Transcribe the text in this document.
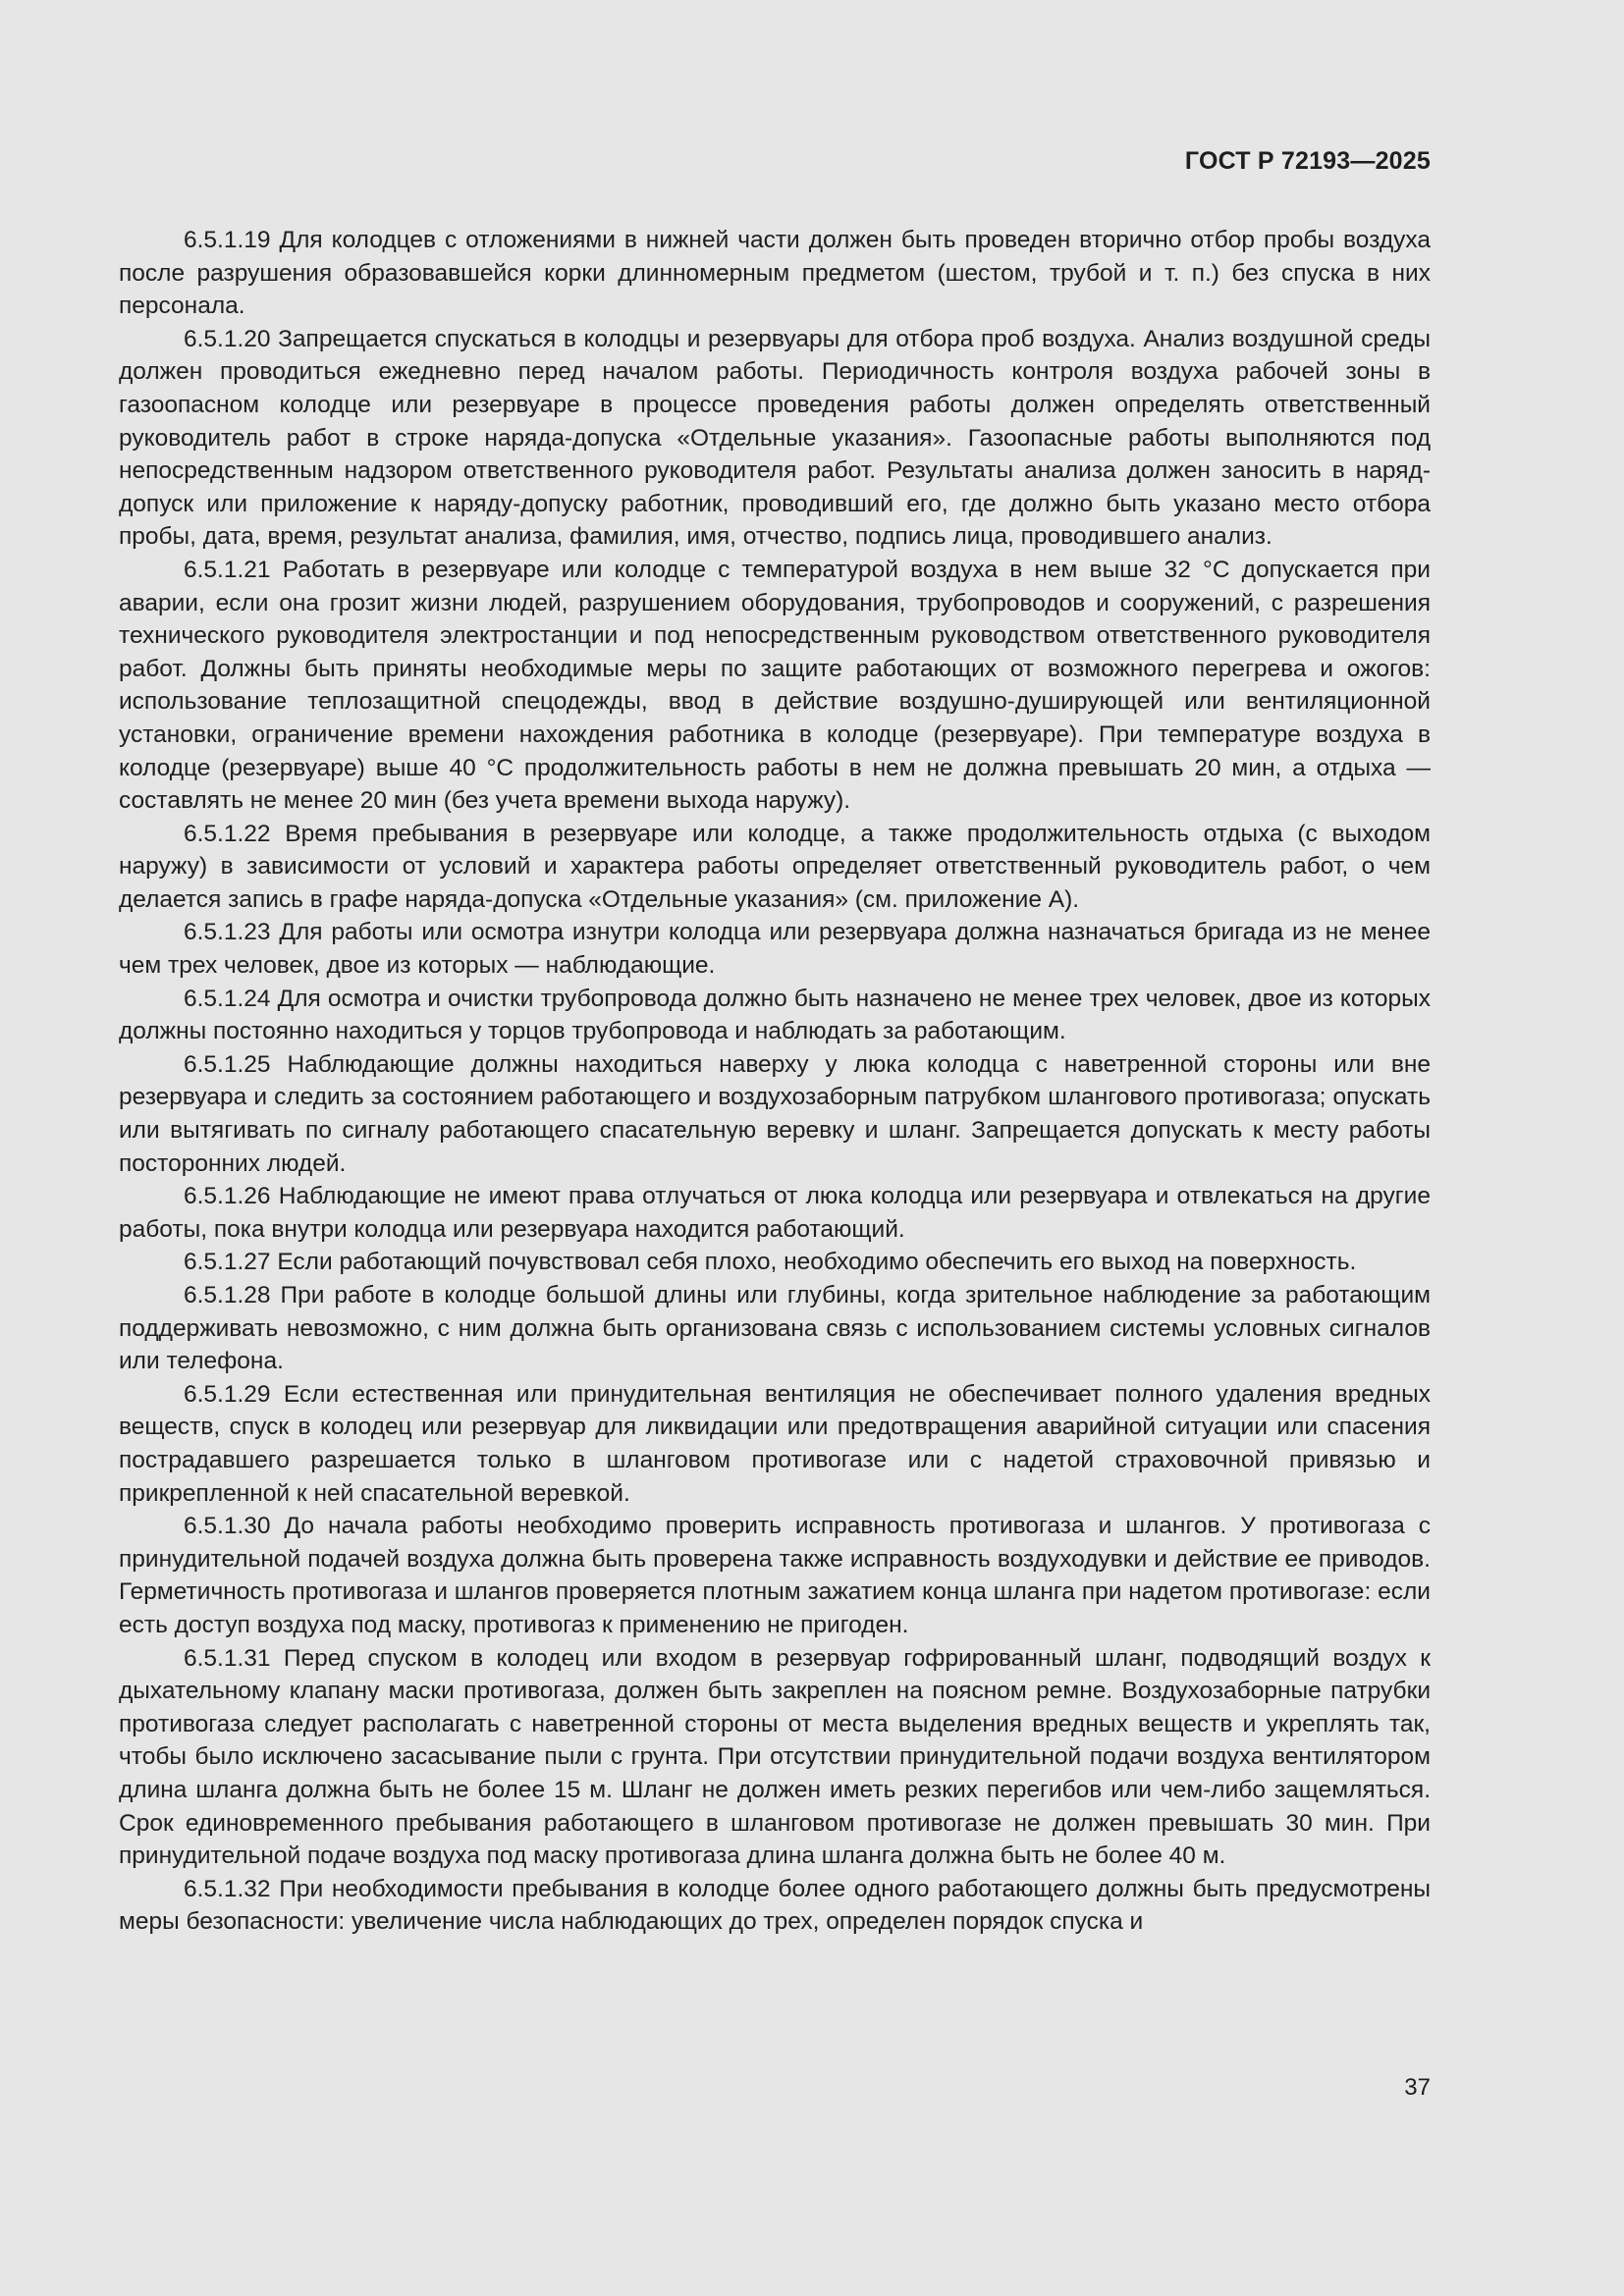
ГОСТ Р 72193—2025

6.5.1.19 Для колодцев с отложениями в нижней части должен быть проведен вторично отбор пробы воздуха после разрушения образовавшейся корки длинномерным предметом (шестом, трубой и т. п.) без спуска в них персонала.

6.5.1.20 Запрещается спускаться в колодцы и резервуары для отбора проб воздуха. Анализ воздушной среды должен проводиться ежедневно перед началом работы. Периодичность контроля воздуха рабочей зоны в газоопасном колодце или резервуаре в процессе проведения работы должен определять ответственный руководитель работ в строке наряда-допуска «Отдельные указания». Газоопасные работы выполняются под непосредственным надзором ответственного руководителя работ. Результаты анализа должен заносить в наряд-допуск или приложение к наряду-допуску работник, проводивший его, где должно быть указано место отбора пробы, дата, время, результат анализа, фамилия, имя, отчество, подпись лица, проводившего анализ.

6.5.1.21 Работать в резервуаре или колодце с температурой воздуха в нем выше 32 °C допускается при аварии, если она грозит жизни людей, разрушением оборудования, трубопроводов и сооружений, с разрешения технического руководителя электростанции и под непосредственным руководством ответственного руководителя работ. Должны быть приняты необходимые меры по защите работающих от возможного перегрева и ожогов: использование теплозащитной спецодежды, ввод в действие воздушно-душирующей или вентиляционной установки, ограничение времени нахождения работника в колодце (резервуаре). При температуре воздуха в колодце (резервуаре) выше 40 °C продолжительность работы в нем не должна превышать 20 мин, а отдыха — составлять не менее 20 мин (без учета времени выхода наружу).

6.5.1.22 Время пребывания в резервуаре или колодце, а также продолжительность отдыха (с выходом наружу) в зависимости от условий и характера работы определяет ответственный руководитель работ, о чем делается запись в графе наряда-допуска «Отдельные указания» (см. приложение А).

6.5.1.23 Для работы или осмотра изнутри колодца или резервуара должна назначаться бригада из не менее чем трех человек, двое из которых — наблюдающие.

6.5.1.24 Для осмотра и очистки трубопровода должно быть назначено не менее трех человек, двое из которых должны постоянно находиться у торцов трубопровода и наблюдать за работающим.

6.5.1.25 Наблюдающие должны находиться наверху у люка колодца с наветренной стороны или вне резервуара и следить за состоянием работающего и воздухозаборным патрубком шлангового противогаза; опускать или вытягивать по сигналу работающего спасательную веревку и шланг. Запрещается допускать к месту работы посторонних людей.

6.5.1.26 Наблюдающие не имеют права отлучаться от люка колодца или резервуара и отвлекаться на другие работы, пока внутри колодца или резервуара находится работающий.

6.5.1.27 Если работающий почувствовал себя плохо, необходимо обеспечить его выход на поверхность.

6.5.1.28 При работе в колодце большой длины или глубины, когда зрительное наблюдение за работающим поддерживать невозможно, с ним должна быть организована связь с использованием системы условных сигналов или телефона.

6.5.1.29 Если естественная или принудительная вентиляция не обеспечивает полного удаления вредных веществ, спуск в колодец или резервуар для ликвидации или предотвращения аварийной ситуации или спасения пострадавшего разрешается только в шланговом противогазе или с надетой страховочной привязью и прикрепленной к ней спасательной веревкой.

6.5.1.30 До начала работы необходимо проверить исправность противогаза и шлангов. У противогаза с принудительной подачей воздуха должна быть проверена также исправность воздуходувки и действие ее приводов. Герметичность противогаза и шлангов проверяется плотным зажатием конца шланга при надетом противогазе: если есть доступ воздуха под маску, противогаз к применению не пригоден.

6.5.1.31 Перед спуском в колодец или входом в резервуар гофрированный шланг, подводящий воздух к дыхательному клапану маски противогаза, должен быть закреплен на поясном ремне. Воздухозаборные патрубки противогаза следует располагать с наветренной стороны от места выделения вредных веществ и укреплять так, чтобы было исключено засасывание пыли с грунта. При отсутствии принудительной подачи воздуха вентилятором длина шланга должна быть не более 15 м. Шланг не должен иметь резких перегибов или чем-либо защемляться. Срок единовременного пребывания работающего в шланговом противогазе не должен превышать 30 мин. При принудительной подаче воздуха под маску противогаза длина шланга должна быть не более 40 м.

6.5.1.32 При необходимости пребывания в колодце более одного работающего должны быть предусмотрены меры безопасности: увеличение числа наблюдающих до трех, определен порядок спуска и

37
